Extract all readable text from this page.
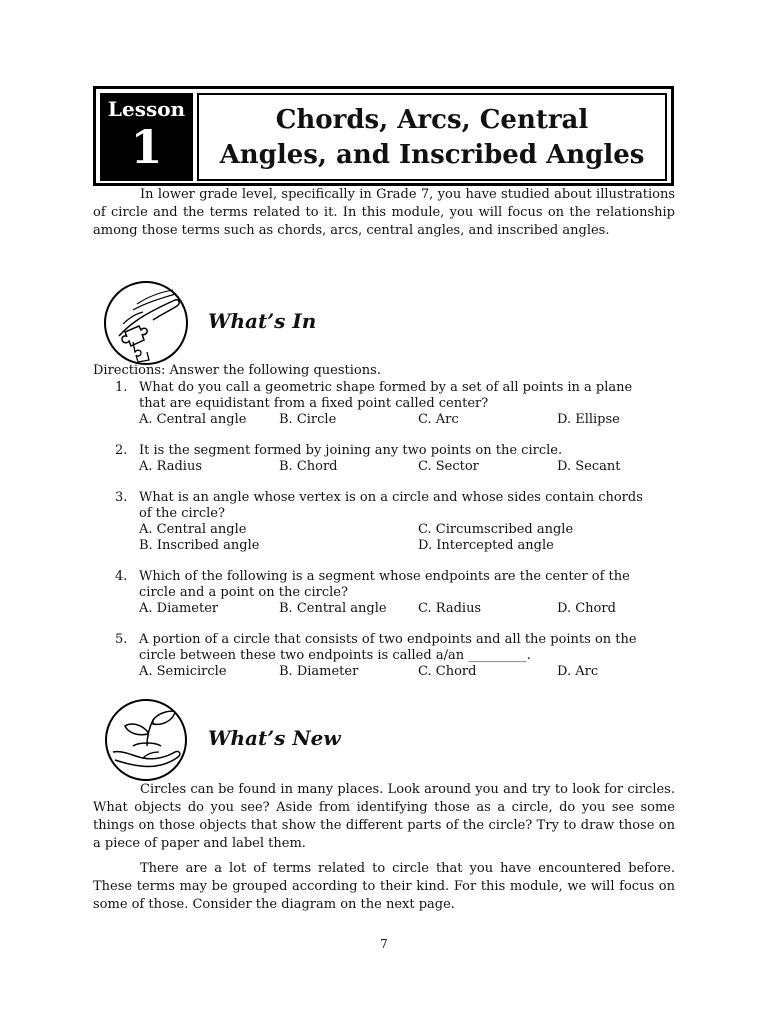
Lesson
1	Chords, Arcs, Central
Angles, and Inscribed Angles

In lower grade level, specifically in Grade 7, you have studied about illustrations of circle and the terms related to it. In this module, you will focus on the relationship among those terms such as chords, arcs, central angles, and inscribed angles.

What’s In
Directions: Answer the following questions.
1. What do you call a geometric shape formed by a set of all points in a plane
that are equidistant from a fixed point called center?
A. Central angle	B. Circle	C. Arc	D. Ellipse
2. It is the segment formed by joining any two points on the circle.
A. Radius	B. Chord	C. Sector	D. Secant
3. What is an angle whose vertex is on a circle and whose sides contain chords
of the circle?
A. Central angle	C. Circumscribed angle
B. Inscribed angle	D. Intercepted angle
4. Which of the following is a segment whose endpoints are the center of the
circle and a point on the circle?
A. Diameter	B. Central angle C. Radius	D. Chord
5. A portion of a circle that consists of two endpoints and all the points on the
circle between these two endpoints is called a/an _________.
A. Semicircle	B. Diameter	C. Chord	D. Arc
What’s New

Circles can be found in many places. Look around you and try to look for circles. What objects do you see? Aside from identifying those as a circle, do you see some things on those objects that show the different parts of the circle? Try to draw those on a piece of paper and label them.

There are a lot of terms related to circle that you have encountered before. These terms may be grouped according to their kind. For this module, we will focus on some of those. Consider the diagram on the next page.

7
